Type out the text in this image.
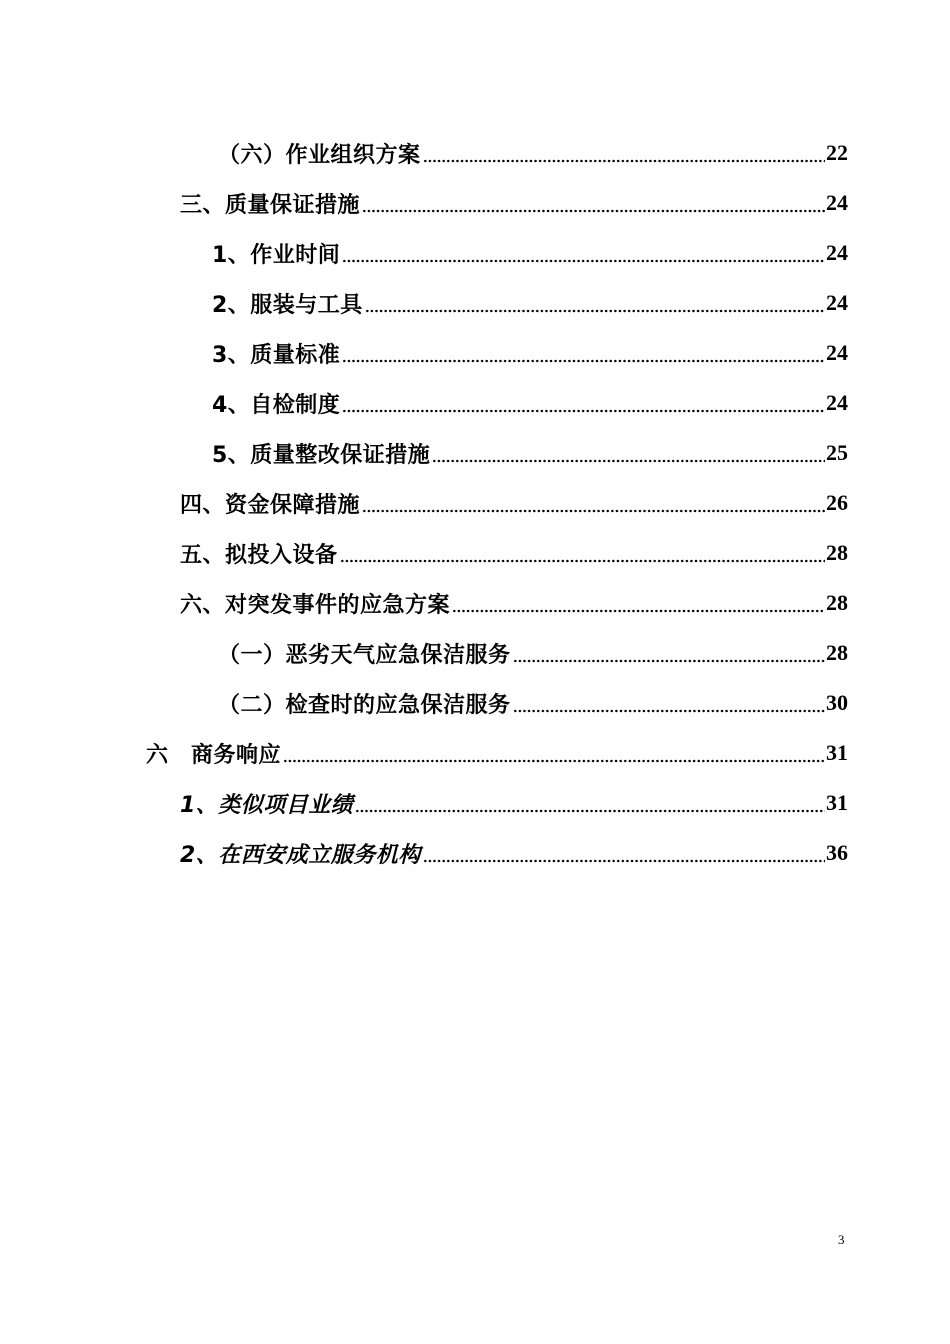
（六）作业组织方案	22
三、质量保证措施	24
1、作业时间	24
2、服装与工具	24
3、质量标准	24
4、自检制度	24
5、质量整改保证措施	25
四、资金保障措施	26
五、拟投入设备	28
六、对突发事件的应急方案	28
（一）恶劣天气应急保洁服务	28
（二）检查时的应急保洁服务	30
六　商务响应	31
1、类似项目业绩	31
2、在西安成立服务机构	36
3
